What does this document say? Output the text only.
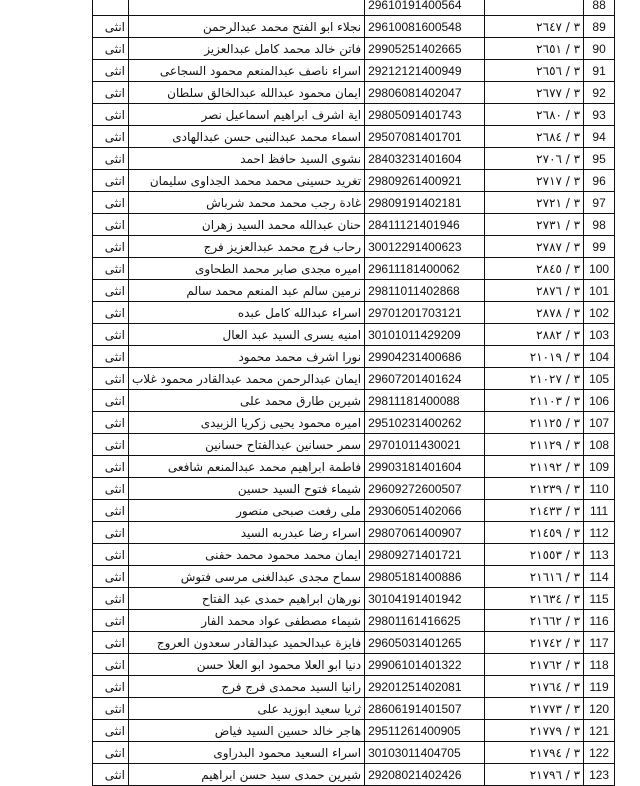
		29610191400564		88
انثى	نجلاء ابو الفتح محمد عبدالرحمن	29610081600548	٣ / ٢٦٤٧	89
انثى	فاتن خالد محمد كامل عبدالعزيز	29905251402665	٣ / ٢٦٥١	90
انثى	اسراء ناصف عبدالمنعم محمود السجاعى	29212121400949	٣ / ٢٦٥٦	91
انثى	ايمان محمود عبدالله عبدالخالق سلطان	29806081402047	٣ / ٢٦٧٧	92
انثى	اية اشرف ابراهيم اسماعيل نصر	29805091401743	٣ / ٢٦٨٠	93
انثى	اسماء محمد عبدالنبى حسن عبدالهادى	29507081401701	٣ / ٢٦٨٤	94
انثى	نشوى السيد حافظ احمد	28403231401604	٣ / ٢٧٠٦	95
انثى	تغريد حسينى محمد محمد الجداوى سليمان	29809261400921	٣ / ٢٧١٧	96
انثى	غادة رجب محمد محمد شرباش	29809191402181	٣ / ٢٧٢١	97
انثى	حنان عبدالله محمد السيد زهران	28411121401946	٣ / ٢٧٣١	98
انثى	رحاب فرج محمد عبدالعزيز فرج	30012291400623	٣ / ٢٧٨٧	99
انثى	اميره مجدى صابر محمد الطحاوى	29611181400062	٣ / ٢٨٤٥	100
انثى	نرمين سالم عبد المنعم محمد سالم	29811011402868	٣ / ٢٨٧٦	101
انثى	اسراء عبدالله كامل عبده	29701201703121	٣ / ٢٨٧٨	102
انثى	امنيه يسرى السيد عبد العال	30101011429209	٣ / ٢٨٨٢	103
انثى	نورا اشرف محمد محمود	29904231400686	٣ / ٢١٠١٩	104
انثى	ايمان عبدالرحمن محمد عبدالقادر محمود غلاب	29607201401624	٣ / ٢١٠٢٧	105
انثى	شيرين طارق محمد على	29811181400088	٣ / ٢١١٠٣	106
انثى	اميره محمود يحيى زكريا الزبيدى	29510231400262	٣ / ٢١١٢٥	107
انثى	سمر حسانين عبدالفتاح حسانين	29701011430021	٣ / ٢١١٢٩	108
انثى	فاطمة ابراهيم محمد عبدالمنعم شافعى	29903181401604	٣ / ٢١١٩٢	109
انثى	شيماء فتوح السيد حسين	29609272600507	٣ / ٢١٢٣٩	110
انثى	ملى رفعت صبحى منصور	29306051402066	٣ / ٢١٤٣٣	111
انثى	اسراء رضا عبدربه السيد	29807061400907	٣ / ٢١٤٥٩	112
انثى	ايمان محمد محمود محمد حفنى	29809271401721	٣ / ٢١٥٥٣	113
انثى	سماح مجدى عبدالغنى مرسى فتوش	29805181400886	٣ / ٢١٦١٦	114
انثى	نورهان ابراهيم حمدى عبد الفتاح	30104191401942	٣ / ٢١٦٣٤	115
انثى	شيماء مصطفى عواد محمد الفار	29801161416625	٣ / ٢١٦٦٢	116
انثى	فايزة عبدالحميد عبدالقادر سعدون العروج	29605031401265	٣ / ٢١٧٤٢	117
انثى	دنيا ابو العلا محمود ابو العلا حسن	29906101401322	٣ / ٢١٧٦٢	118
انثى	رانيا السيد محمدى فرج فرج	29201251402081	٣ / ٢١٧٦٤	119
انثى	ثريا سعيد ابوزيد على	28606191401507	٣ / ٢١٧٧٣	120
انثى	هاجر خالد حسين السيد فياض	29511261400905	٣ / ٢١٧٧٩	121
انثى	اسراء السعيد محمود البدراوى	30103011404705	٣ / ٢١٧٩٤	122
انثى	شيرين حمدى سيد حسن ابراهيم	29208021402426	٣ / ٢١٧٩٦	123
